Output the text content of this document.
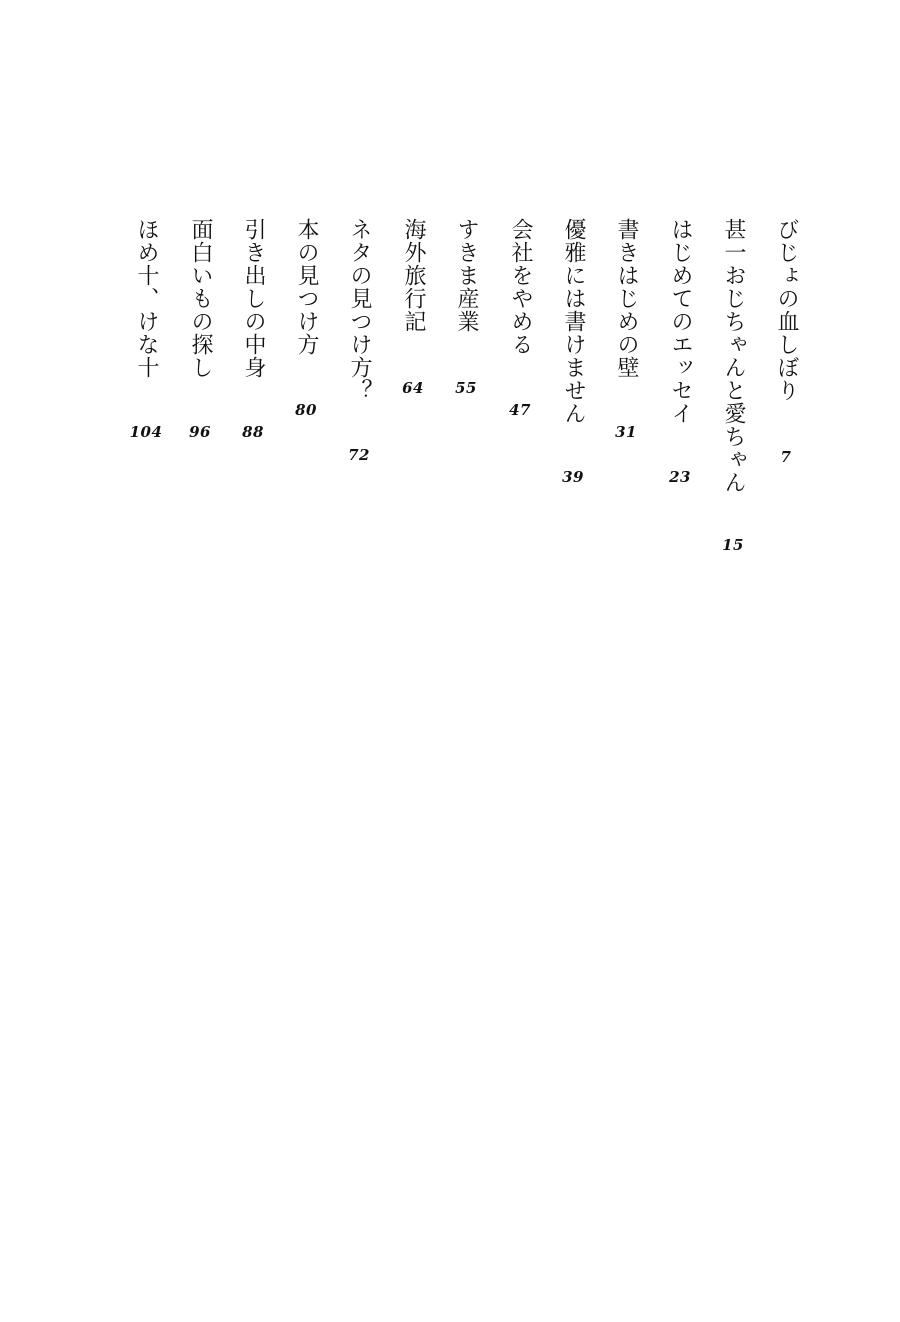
びじょの血しぼり
7
甚一おじちゃんと愛ちゃん
15
はじめてのエッセイ
23
書きはじめの壁
31
優雅には書けません
39
会社をやめる
47
すきま産業
55
海外旅行記
64
ネタの見つけ方？
72
本の見つけ方
80
引き出しの中身
88
面白いもの探し
96
ほめ十、けな十
104
